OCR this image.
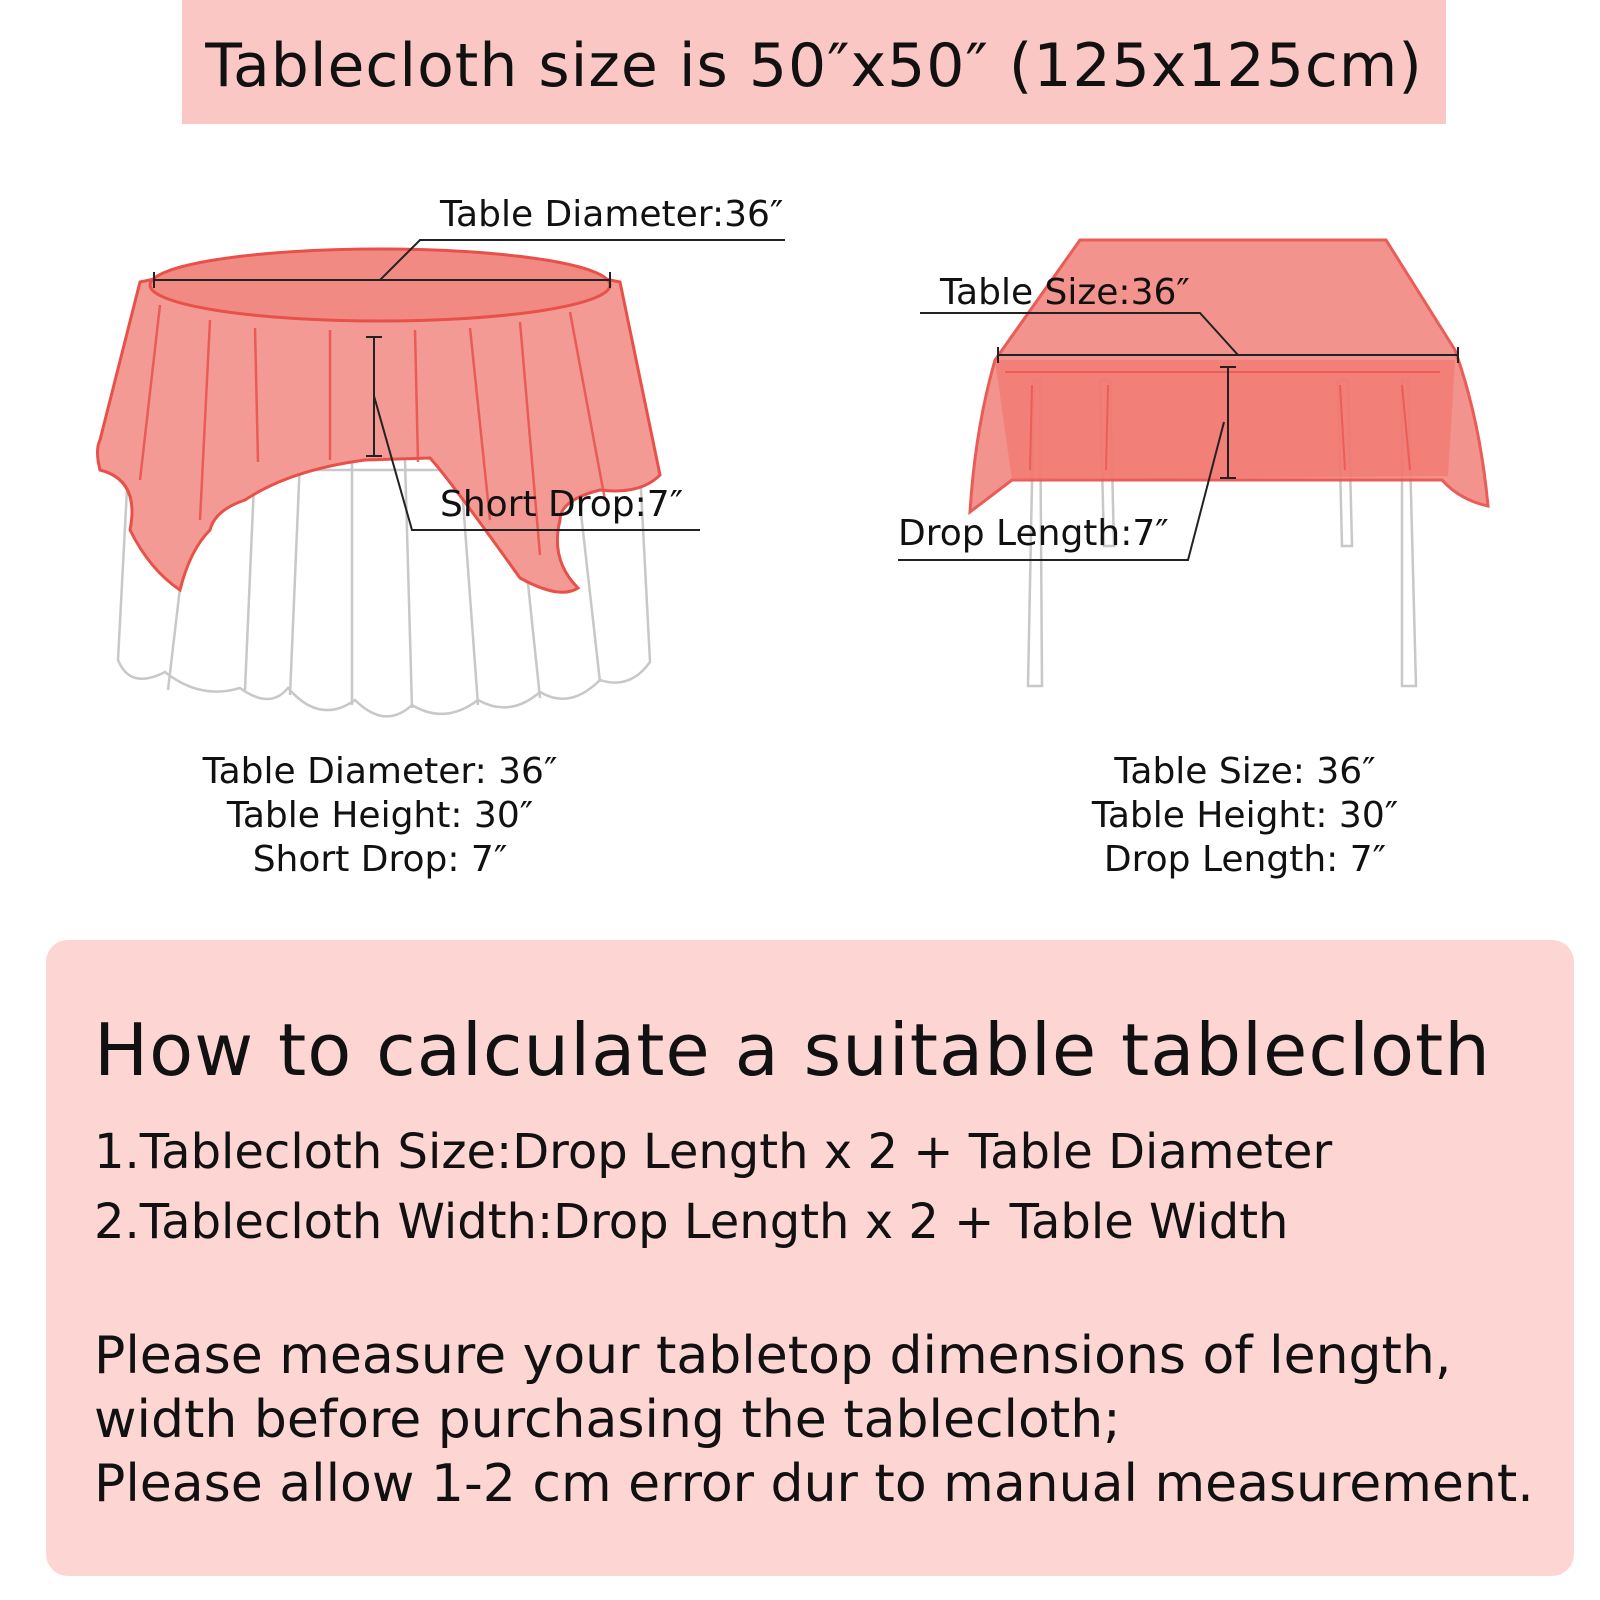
Tablecloth size is 50″x50″ (125x125cm)
Table Diameter:36″
Short Drop:7″
Table Size:36″
Drop Length:7″
Table Diameter: 36″
Table Height: 30″
Short Drop: 7″
Table Size: 36″
Table Height: 30″
Drop Length: 7″
How to calculate a suitable tablecloth
1.Tablecloth Size:Drop Length x 2 + Table Diameter
2.Tablecloth Width:Drop Length x 2 + Table Width
Please measure your tabletop dimensions of length,
width before purchasing the tablecloth;
Please allow 1-2 cm error dur to manual measurement.
